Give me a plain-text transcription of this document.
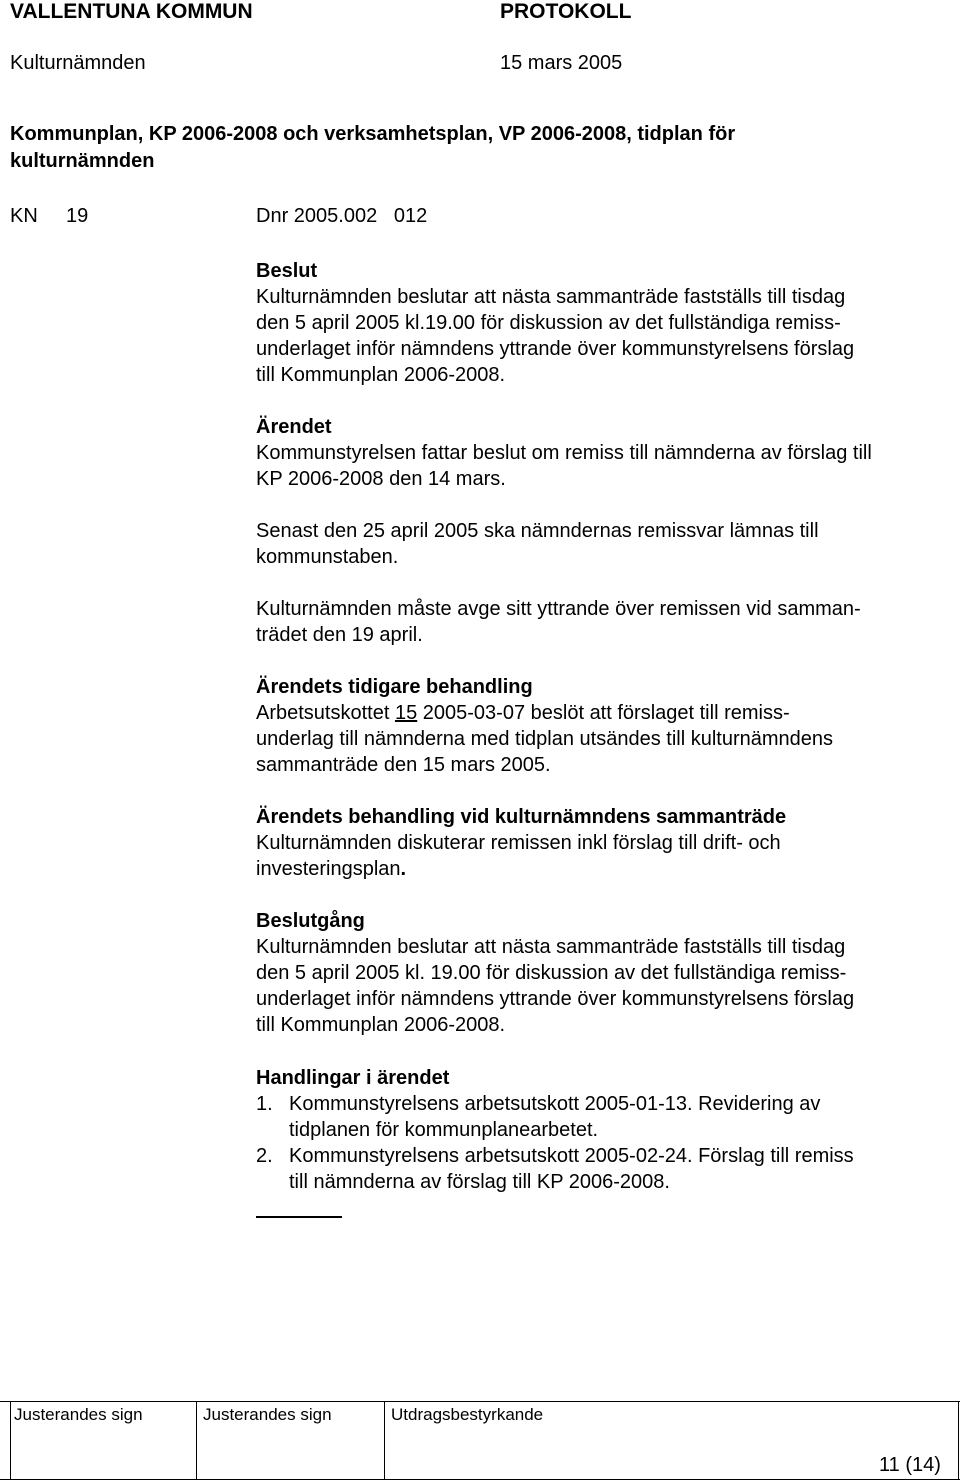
VALLENTUNA KOMMUN	PROTOKOLL
Kulturnämnden	15 mars 2005
Kommunplan, KP 2006-2008 och verksamhetsplan, VP 2006-2008, tidplan för
kulturnämnden
KN 19	Dnr 2005.002   012

Beslut

Kulturnämnden beslutar att nästa sammanträde fastställs till tisdag

den 5 april 2005 kl.19.00 för diskussion av det fullständiga remiss-

underlaget inför nämndens yttrande över kommunstyrelsens förslag

till Kommunplan 2006-2008.

Ärendet

Kommunstyrelsen fattar beslut om remiss till nämnderna av förslag till

KP 2006-2008 den 14 mars.

Senast den 25 april 2005 ska nämndernas remissvar lämnas till

kommunstaben.

Kulturnämnden måste avge sitt yttrande över remissen vid samman-

trädet den 19 april.

Ärendets tidigare behandling

Arbetsutskottet 15 2005-03-07 beslöt att förslaget till remiss-

underlag till nämnderna med tidplan utsändes till kulturnämndens

sammanträde den 15 mars 2005.

Ärendets behandling vid kulturnämndens sammanträde

Kulturnämnden diskuterar remissen inkl förslag till drift- och

investeringsplan.

Beslutgång

Kulturnämnden beslutar att nästa sammanträde fastställs till tisdag

den 5 april 2005 kl. 19.00 för diskussion av det fullständiga remiss-

underlaget inför nämndens yttrande över kommunstyrelsens förslag

till Kommunplan 2006-2008.

Handlingar i ärendet

1. Kommunstyrelsens arbetsutskott 2005-01-13. Revidering av
tidplanen för kommunplanearbetet.
2. Kommunstyrelsens arbetsutskott 2005-02-24. Förslag till remiss
till nämnderna av förslag till KP 2006-2008.
Justerandes sign	Justerandes sign	Utdragsbestyrkande
11 (14)
